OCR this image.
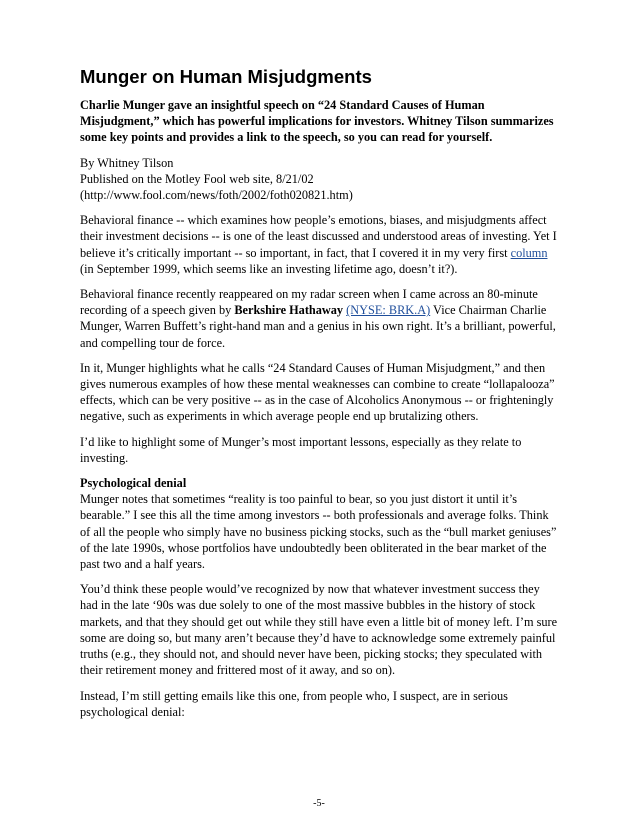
Munger on Human Misjudgments

Charlie Munger gave an insightful speech on “24 Standard Causes of Human Misjudgment,” which has powerful implications for investors. Whitney Tilson summarizes some key points and provides a link to the speech, so you can read for yourself.

By Whitney Tilson
Published on the Motley Fool web site, 8/21/02
(http://www.fool.com/news/foth/2002/foth020821.htm)

Behavioral finance -- which examines how people’s emotions, biases, and misjudgments affect their investment decisions -- is one of the least discussed and understood areas of investing. Yet I believe it’s critically important -- so important, in fact, that I covered it in my very first column (in September 1999, which seems like an investing lifetime ago, doesn’t it?).

Behavioral finance recently reappeared on my radar screen when I came across an 80-minute recording of a speech given by Berkshire Hathaway (NYSE: BRK.A) Vice Chairman Charlie Munger, Warren Buffett’s right-hand man and a genius in his own right. It’s a brilliant, powerful, and compelling tour de force.

In it, Munger highlights what he calls “24 Standard Causes of Human Misjudgment,” and then gives numerous examples of how these mental weaknesses can combine to create “lollapalooza” effects, which can be very positive -- as in the case of Alcoholics Anonymous -- or frighteningly negative, such as experiments in which average people end up brutalizing others.

I’d like to highlight some of Munger’s most important lessons, especially as they relate to investing.

Psychological denial
Munger notes that sometimes “reality is too painful to bear, so you just distort it until it’s bearable.” I see this all the time among investors -- both professionals and average folks. Think of all the people who simply have no business picking stocks, such as the “bull market geniuses” of the late 1990s, whose portfolios have undoubtedly been obliterated in the bear market of the past two and a half years.

You’d think these people would’ve recognized by now that whatever investment success they had in the late ‘90s was due solely to one of the most massive bubbles in the history of stock markets, and that they should get out while they still have even a little bit of money left. I’m sure some are doing so, but many aren’t because they’d have to acknowledge some extremely painful truths (e.g., they should not, and should never have been, picking stocks; they speculated with their retirement money and frittered most of it away, and so on).

Instead, I’m still getting emails like this one, from people who, I suspect, are in serious psychological denial:

-5-
